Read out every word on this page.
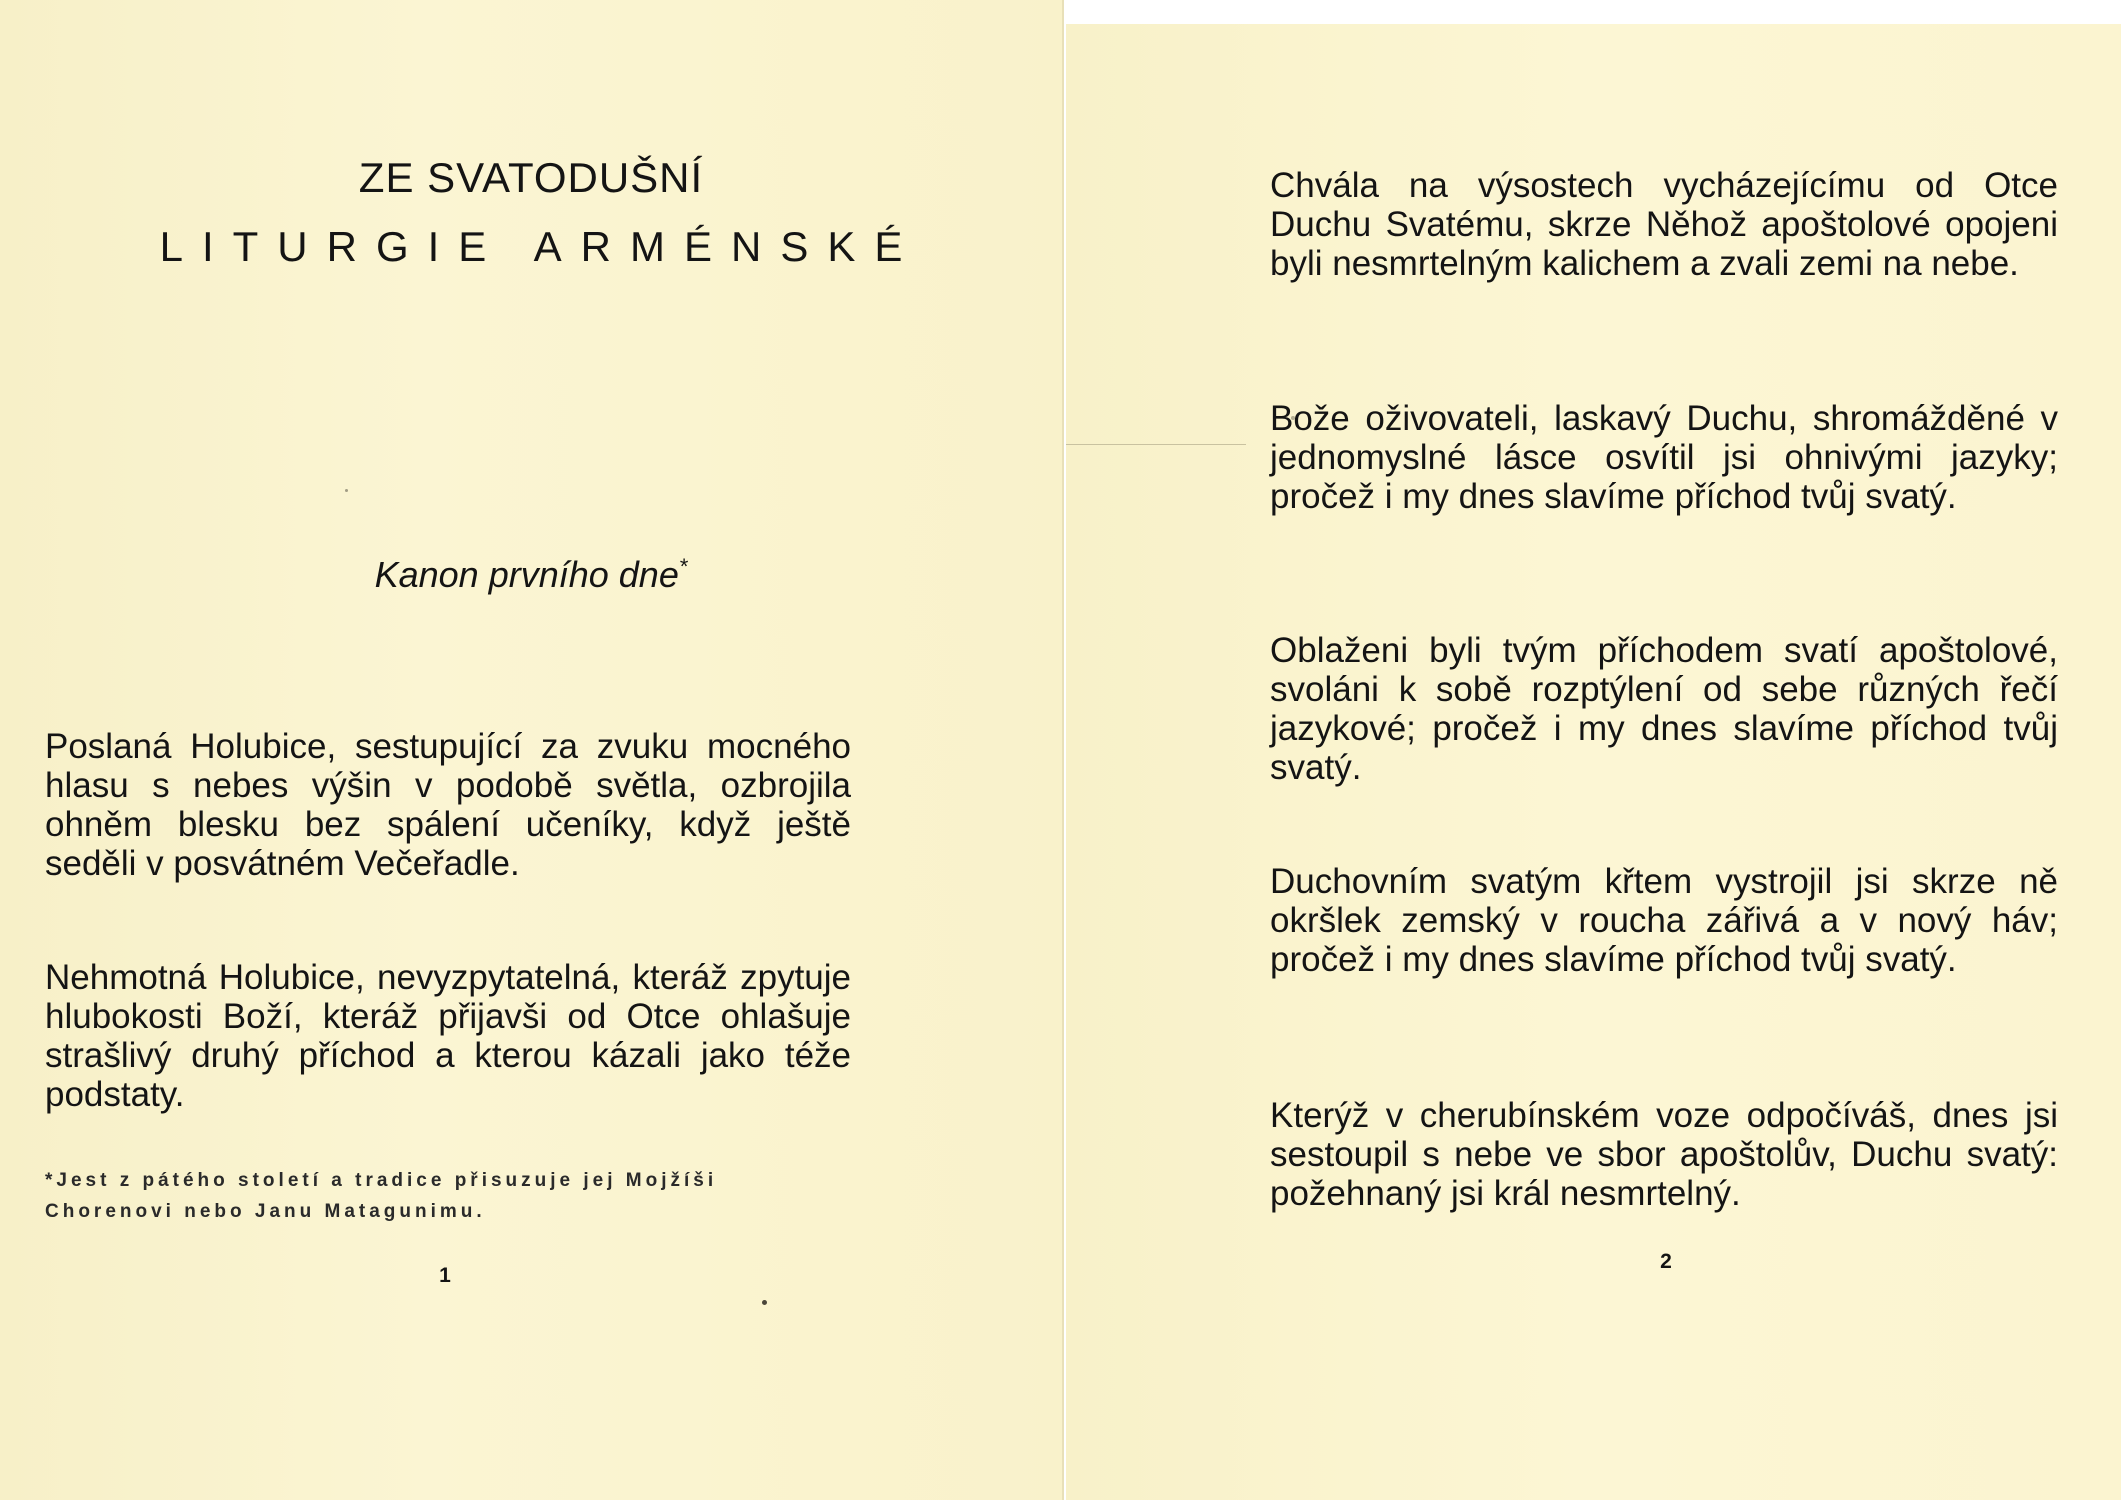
ZE SVATODUŠNÍ
LITURGIE ARMÉNSKÉ
Kanon prvního dne*

Poslaná Holubice, sestupující za zvuku mocného hlasu s nebes výšin v podobě světla, ozbrojila ohněm blesku bez spálení učeníky, když ještě seděli v posvátném Večeřadle.

Nehmotná Holubice, nevyzpytatelná, kteráž zpytuje hlubokosti Boží, kteráž přijavši od Otce ohlašuje strašlivý druhý příchod a kterou kázali jako téže podstaty.

*Jest z pátého století a tradice přisuzuje jej Mojžíši Chorenovi nebo Janu Matagunimu.

1

Chvála na výsostech vycházejícímu od Otce Duchu Svatému, skrze Něhož apoštolové opojeni byli nesmrtelným kalichem a zvali zemi na nebe.

Bože oživovateli, laskavý Duchu, shromážděné v jednomyslné lásce osvítil jsi ohnivými jazyky; pročež i my dnes slavíme příchod tvůj svatý.

Oblaženi byli tvým příchodem svatí apoštolové, svoláni k sobě rozptýlení od sebe různých řečí jazykové; pročež i my dnes slavíme příchod tvůj svatý.

Duchovním svatým křtem vystrojil jsi skrze ně okršlek zemský v roucha zářivá a v nový háv; pročež i my dnes slavíme příchod tvůj svatý.

Kterýž v cherubínském voze odpočíváš, dnes jsi sestoupil s nebe ve sbor apoštolův, Duchu svatý: požehnaný jsi král nesmrtelný.

2
